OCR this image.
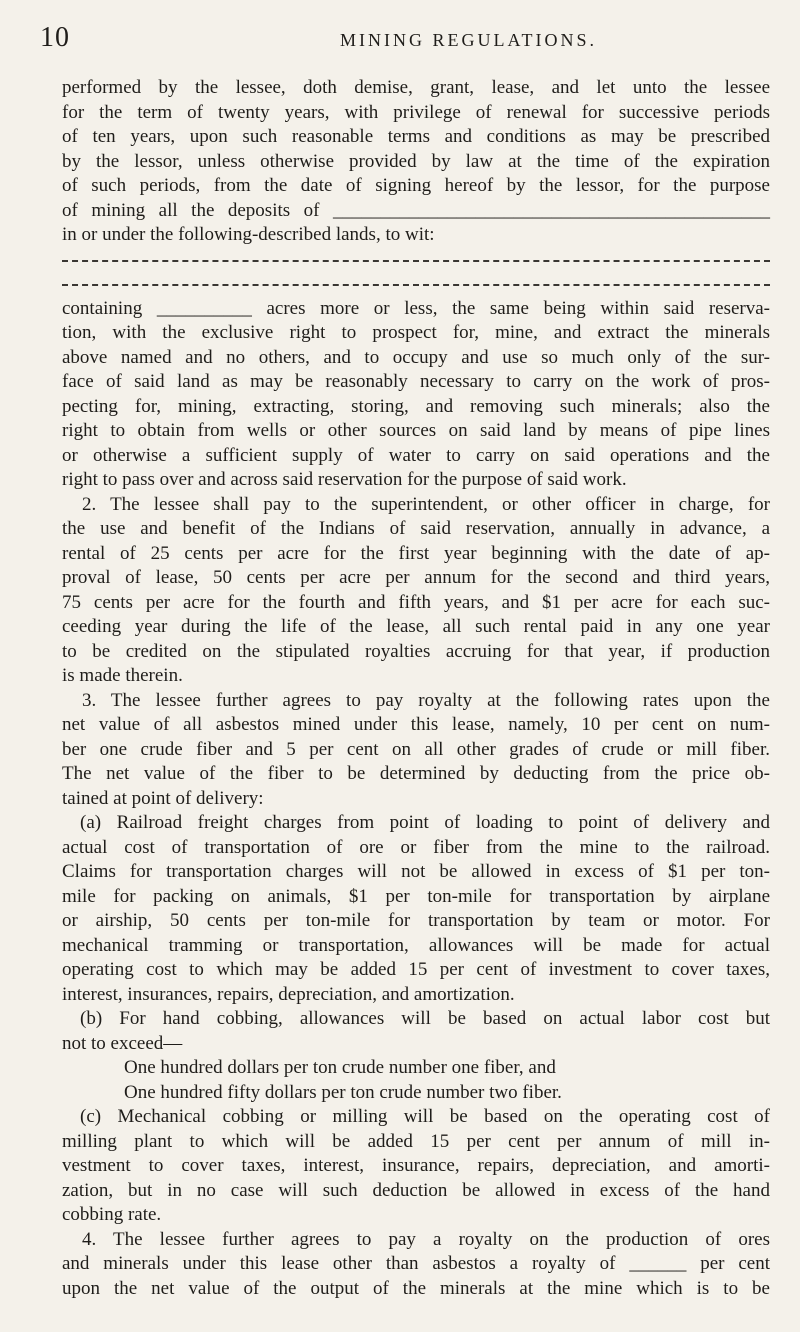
10	MINING REGULATIONS.
performed by the lessee, doth demise, grant, lease, and let unto the lessee
for the term of twenty years, with privilege of renewal for successive periods
of ten years, upon such reasonable terms and conditions as may be prescribed
by the lessor, unless otherwise provided by law at the time of the expiration
of such periods, from the date of signing hereof by the lessor, for the purpose
of mining all the deposits of ______________________________________________
in or under the following-described lands, to wit:
containing __________ acres more or less, the same being within said reserva-
tion, with the exclusive right to prospect for, mine, and extract the minerals
above named and no others, and to occupy and use so much only of the sur-
face of said land as may be reasonably necessary to carry on the work of pros-
pecting for, mining, extracting, storing, and removing such minerals; also the
right to obtain from wells or other sources on said land by means of pipe lines
or otherwise a sufficient supply of water to carry on said operations and the
right to pass over and across said reservation for the purpose of said work.
2. The lessee shall pay to the superintendent, or other officer in charge, for
the use and benefit of the Indians of said reservation, annually in advance, a
rental of 25 cents per acre for the first year beginning with the date of ap-
proval of lease, 50 cents per acre per annum for the second and third years,
75 cents per acre for the fourth and fifth years, and $1 per acre for each suc-
ceeding year during the life of the lease, all such rental paid in any one year
to be credited on the stipulated royalties accruing for that year, if production
is made therein.
3. The lessee further agrees to pay royalty at the following rates upon the
net value of all asbestos mined under this lease, namely, 10 per cent on num-
ber one crude fiber and 5 per cent on all other grades of crude or mill fiber.
The net value of the fiber to be determined by deducting from the price ob-
tained at point of delivery:
(a) Railroad freight charges from point of loading to point of delivery and
actual cost of transportation of ore or fiber from the mine to the railroad.
Claims for transportation charges will not be allowed in excess of $1 per ton-
mile for packing on animals, $1 per ton-mile for transportation by airplane
or airship, 50 cents per ton-mile for transportation by team or motor. For
mechanical tramming or transportation, allowances will be made for actual
operating cost to which may be added 15 per cent of investment to cover taxes,
interest, insurances, repairs, depreciation, and amortization.
(b) For hand cobbing, allowances will be based on actual labor cost but
not to exceed—
One hundred dollars per ton crude number one fiber, and
One hundred fifty dollars per ton crude number two fiber.
(c) Mechanical cobbing or milling will be based on the operating cost of
milling plant to which will be added 15 per cent per annum of mill in-
vestment to cover taxes, interest, insurance, repairs, depreciation, and amorti-
zation, but in no case will such deduction be allowed in excess of the hand
cobbing rate.
4. The lessee further agrees to pay a royalty on the production of ores
and minerals under this lease other than asbestos a royalty of ______ per cent
upon the net value of the output of the minerals at the mine which is to be
